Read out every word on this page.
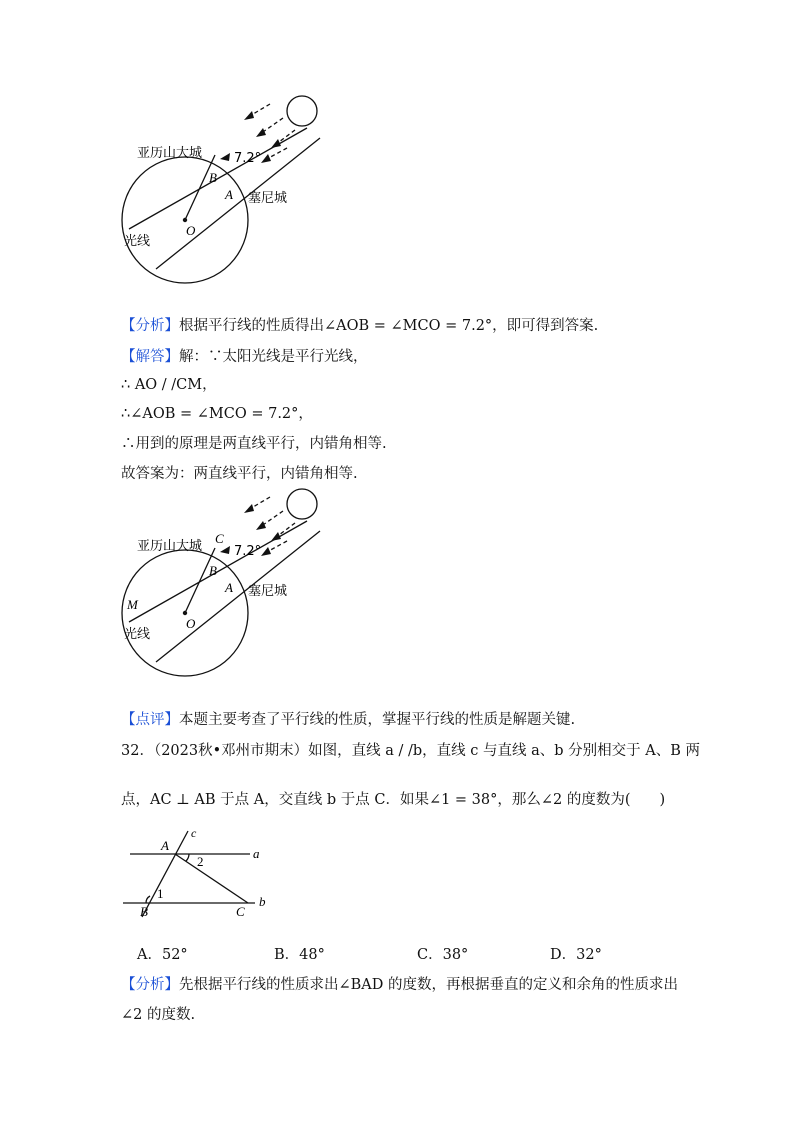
亚历山大城 7.2°
B
A 塞尼城
O
光线
【分析】根据平行线的性质得出∠AOB = ∠MCO = 7.2°，即可得到答案.
【解答】解：∵太阳光线是平行光线，
∴ AO / /CM，
∴∠AOB = ∠MCO = 7.2°，
∴用到的原理是两直线平行，内错角相等.
故答案为：两直线平行，内错角相等.
亚历山大城
C
7.2°
B
A 塞尼城
M
O
光线
【点评】本题主要考查了平行线的性质，掌握平行线的性质是解题关键.
32．（2023秋•邓州市期末）如图，直线 a / /b，直线 c 与直线 a、b 分别相交于 A、B 两
点，AC ⊥ AB 于点 A，交直线 b 于点 C．如果∠1 = 38°，那么∠2 的度数为(　　)
c
A
2
a
1
B	C
b
A．52°	B．48°	C．38°	D．32°
【分析】先根据平行线的性质求出∠BAD 的度数，再根据垂直的定义和余角的性质求出
∠2 的度数.
